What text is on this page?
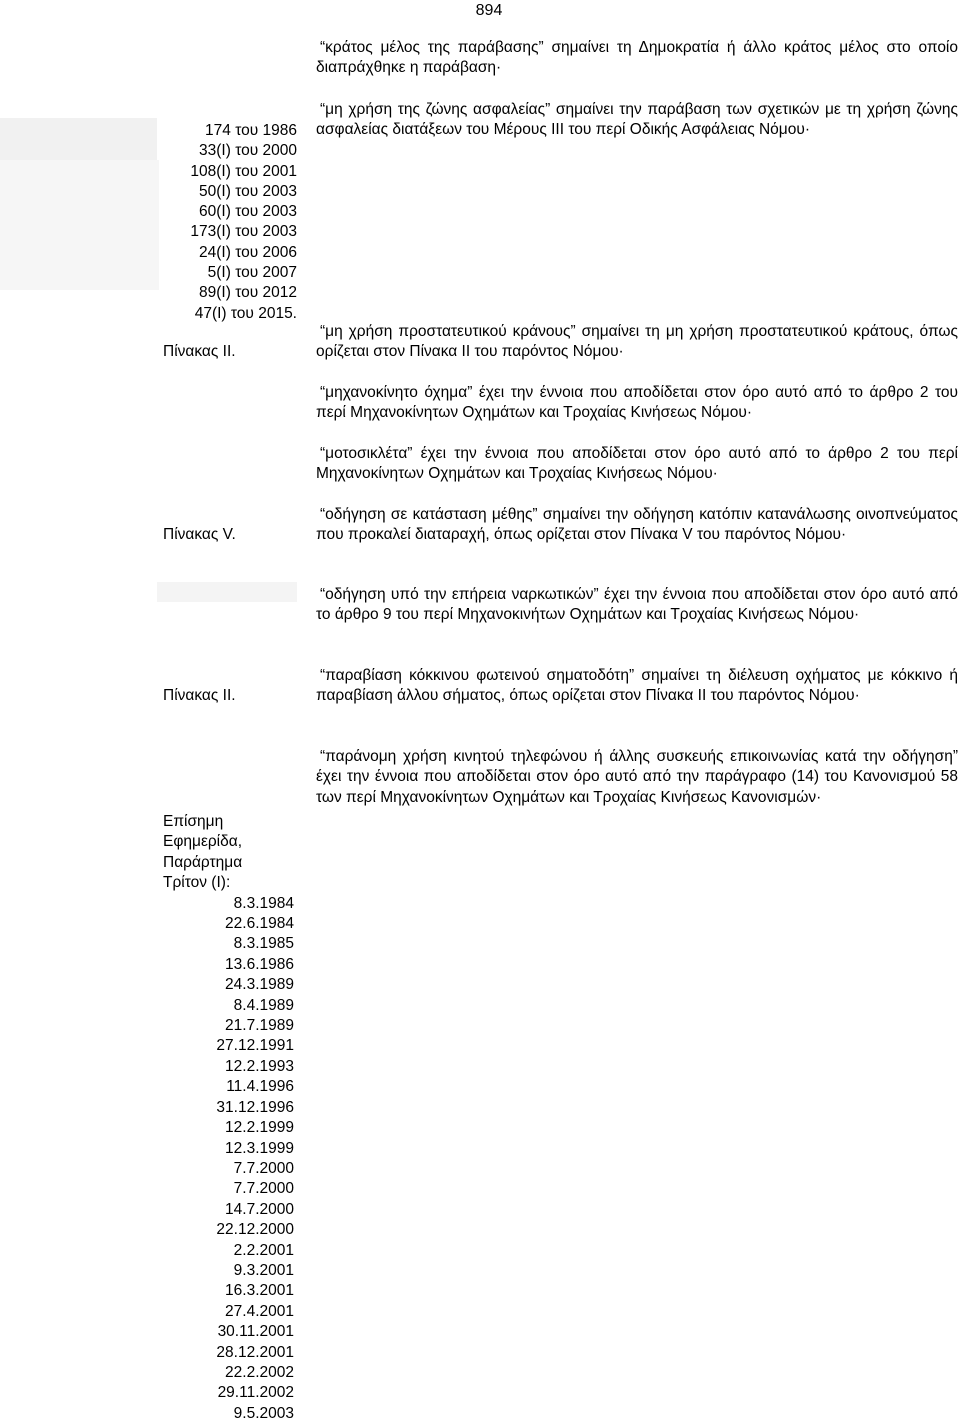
894
174 του 1986
33(I) του 2000
108(I) του 2001
50(I) του 2003
60(I) του 2003
173(I) του 2003
24(I) του 2006
5(I) του 2007
89(I) του 2012
47(I) του 2015.
Πίνακας ΙΙ.
Πίνακας V.
Πίνακας ΙΙ.
Επίσημη
Εφημερίδα,
Παράρτημα
Τρίτον (Ι):
8.3.1984
22.6.1984
8.3.1985
13.6.1986
24.3.1989
8.4.1989
21.7.1989
27.12.1991
12.2.1993
11.4.1996
31.12.1996
12.2.1999
12.3.1999
7.7.2000
7.7.2000
14.7.2000
22.12.2000
2.2.2001
9.3.2001
16.3.2001
27.4.2001
30.11.2001
28.12.2001
22.2.2002
29.11.2002
9.5.2003

“κράτος μέλος της παράβασης” σημαίνει τη Δημοκρατία ή άλλο κράτος μέλος στο οποίο διαπράχθηκε η παράβαση·

“μη χρήση της ζώνης ασφαλείας” σημαίνει την παράβαση των σχετικών με τη χρήση ζώνης ασφαλείας διατάξεων του Μέρους ΙΙΙ του περί Οδικής Ασφάλειας Νόμου·

“μη χρήση προστατευτικού κράνους” σημαίνει τη μη χρήση προστατευτικού κράτους, όπως ορίζεται στον Πίνακα ΙΙ του παρόντος Νόμου·

“μηχανοκίνητο όχημα” έχει την έννοια που αποδίδεται στον όρο αυτό από το άρθρο 2 του περί Μηχανοκίνητων Οχημάτων και Τροχαίας Κινήσεως Νόμου·

“μοτοσικλέτα” έχει την έννοια που αποδίδεται στον όρο αυτό από το άρθρο 2 του περί Μηχανοκίνητων Οχημάτων και Τροχαίας Κινήσεως Νόμου·

“οδήγηση σε κατάσταση μέθης” σημαίνει την οδήγηση κατόπιν κατανάλωσης οινοπνεύματος που προκαλεί διαταραχή, όπως ορίζεται στον Πίνακα V του παρόντος Νόμου·

“οδήγηση υπό την επήρεια ναρκωτικών” έχει την έννοια που αποδίδεται στον όρο αυτό από το άρθρο 9 του περί Μηχανοκινήτων Οχημάτων και Τροχαίας Κινήσεως Νόμου·

“παραβίαση κόκκινου φωτεινού σηματοδότη” σημαίνει τη διέλευση οχήματος με κόκκινο ή παραβίαση άλλου σήματος, όπως ορίζεται στον Πίνακα ΙΙ του παρόντος Νόμου·

“παράνομη χρήση κινητού τηλεφώνου ή άλλης συσκευής επικοινωνίας κατά την οδήγηση” έχει την έννοια που αποδίδεται στον όρο αυτό από την παράγραφο (14) του Κανονισμού 58 των περί Μηχανοκίνητων Οχημάτων και Τροχαίας Κινήσεως Κανονισμών·
